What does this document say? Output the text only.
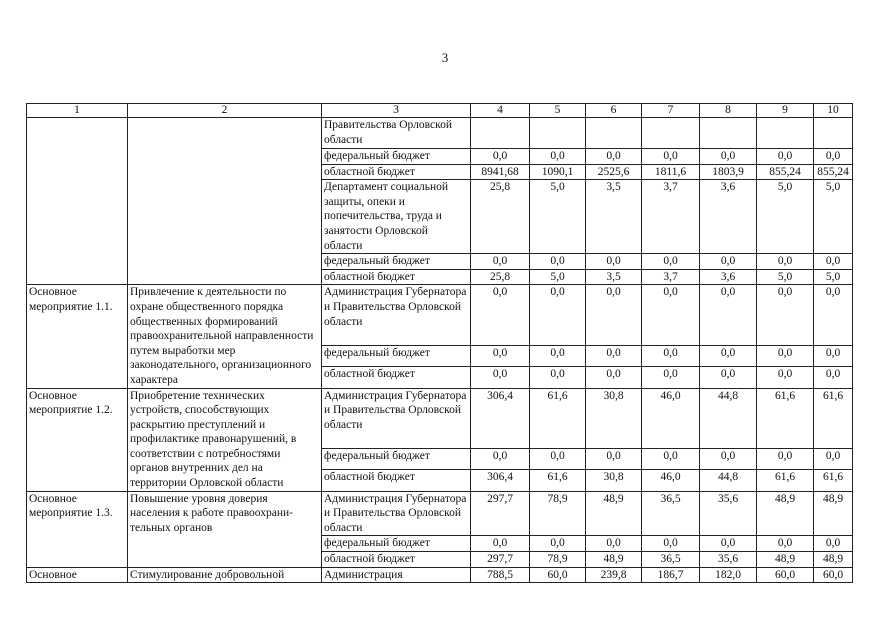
3
1	2	3	4	5	6	7	8	9	10
		Правительства Орловской области							
		федеральный бюджет	0,0	0,0	0,0	0,0	0,0	0,0	0,0
		областной бюджет	8941,68	1090,1	2525,6	1811,6	1803,9	855,24	855,24
		Департамент социальной защиты, опеки и попечительства, труда и занятости Орловской области	25,8	5,0	3,5	3,7	3,6	5,0	5,0
		федеральный бюджет	0,0	0,0	0,0	0,0	0,0	0,0	0,0
		областной бюджет	25,8	5,0	3,5	3,7	3,6	5,0	5,0
Основное мероприятие 1.1.	Привлечение к деятельности по охране общественного порядка общественных формирований правоохранительной направленности путем выработки мер законодательного, организационного характера	Администрация Губернатора и Правительства Орловской области	0,0	0,0	0,0	0,0	0,0	0,0	0,0
		федеральный бюджет	0,0	0,0	0,0	0,0	0,0	0,0	0,0
		областной бюджет	0,0	0,0	0,0	0,0	0,0	0,0	0,0
Основное мероприятие 1.2.	Приобретение технических устройств, способствующих раскрытию преступлений и профилактике правонарушений, в соответствии с потребностями органов внутренних дел на территории Орловской области	Администрация Губернатора и Правительства Орловской области	306,4	61,6	30,8	46,0	44,8	61,6	61,6
		федеральный бюджет	0,0	0,0	0,0	0,0	0,0	0,0	0,0
		областной бюджет	306,4	61,6	30,8	46,0	44,8	61,6	61,6
Основное мероприятие 1.3.	Повышение уровня доверия населения к работе правоохрани-тельных органов	Администрация Губернатора и Правительства Орловской области	297,7	78,9	48,9	36,5	35,6	48,9	48,9
		федеральный бюджет	0,0	0,0	0,0	0,0	0,0	0,0	0,0
		областной бюджет	297,7	78,9	48,9	36,5	35,6	48,9	48,9
Основное	Стимулирование добровольной	Администрация	788,5	60,0	239,8	186,7	182,0	60,0	60,0
